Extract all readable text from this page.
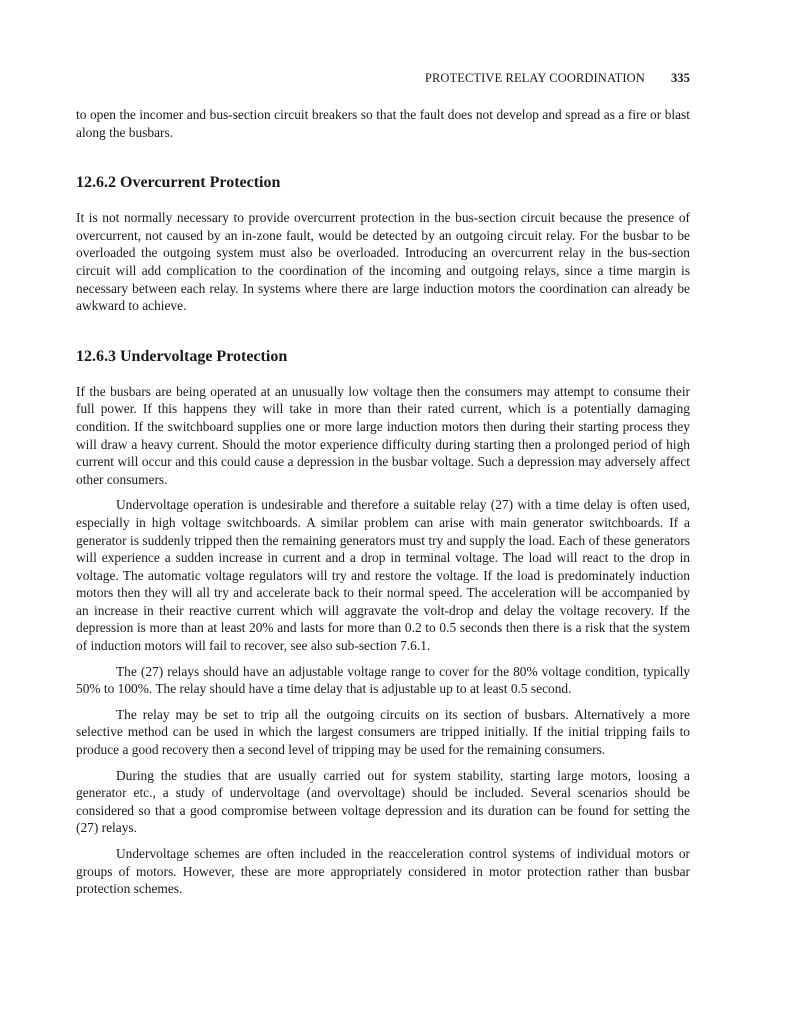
PROTECTIVE RELAY COORDINATION 335

to open the incomer and bus-section circuit breakers so that the fault does not develop and spread as a fire or blast along the busbars.

12.6.2 Overcurrent Protection

It is not normally necessary to provide overcurrent protection in the bus-section circuit because the presence of overcurrent, not caused by an in-zone fault, would be detected by an outgoing circuit relay. For the busbar to be overloaded the outgoing system must also be overloaded. Introducing an overcurrent relay in the bus-section circuit will add complication to the coordination of the incoming and outgoing relays, since a time margin is necessary between each relay. In systems where there are large induction motors the coordination can already be awkward to achieve.

12.6.3 Undervoltage Protection

If the busbars are being operated at an unusually low voltage then the consumers may attempt to consume their full power. If this happens they will take in more than their rated current, which is a potentially damaging condition. If the switchboard supplies one or more large induction motors then during their starting process they will draw a heavy current. Should the motor experience difficulty during starting then a prolonged period of high current will occur and this could cause a depression in the busbar voltage. Such a depression may adversely affect other consumers.

Undervoltage operation is undesirable and therefore a suitable relay (27) with a time delay is often used, especially in high voltage switchboards. A similar problem can arise with main generator switchboards. If a generator is suddenly tripped then the remaining generators must try and supply the load. Each of these generators will experience a sudden increase in current and a drop in terminal voltage. The load will react to the drop in voltage. The automatic voltage regulators will try and restore the voltage. If the load is predominately induction motors then they will all try and accelerate back to their normal speed. The acceleration will be accompanied by an increase in their reactive current which will aggravate the volt-drop and delay the voltage recovery. If the depression is more than at least 20% and lasts for more than 0.2 to 0.5 seconds then there is a risk that the system of induction motors will fail to recover, see also sub-section 7.6.1.

The (27) relays should have an adjustable voltage range to cover for the 80% voltage condition, typically 50% to 100%. The relay should have a time delay that is adjustable up to at least 0.5 second.

The relay may be set to trip all the outgoing circuits on its section of busbars. Alternatively a more selective method can be used in which the largest consumers are tripped initially. If the initial tripping fails to produce a good recovery then a second level of tripping may be used for the remaining consumers.

During the studies that are usually carried out for system stability, starting large motors, loosing a generator etc., a study of undervoltage (and overvoltage) should be included. Several scenarios should be considered so that a good compromise between voltage depression and its duration can be found for setting the (27) relays.

Undervoltage schemes are often included in the reacceleration control systems of individual motors or groups of motors. However, these are more appropriately considered in motor protection rather than busbar protection schemes.
